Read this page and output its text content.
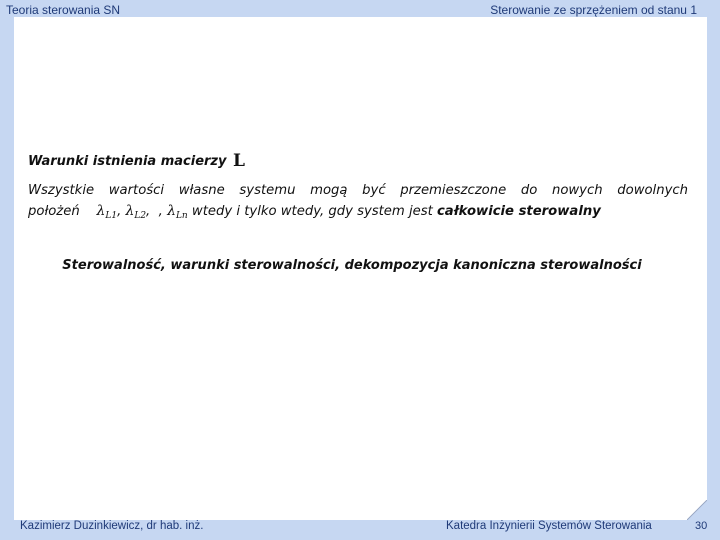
Teoria sterowania SN	Sterowanie ze sprzężeniem od stanu 1
Warunki istnienia macierzy L
Wszystkie wartości własne systemu mogą być przemieszczone do nowych dowolnych
położeń $\lambda_{L1}$, $\lambda_{L2}$, , $\lambda_{Ln}$ wtedy i tylko wtedy, gdy system jest całkowicie sterowalny
Sterowalność, warunki sterowalności, dekompozycja kanoniczna sterowalności
Kazimierz Duzinkiewicz, dr hab. inż.	Katedra Inżynierii Systemów Sterowania	30
